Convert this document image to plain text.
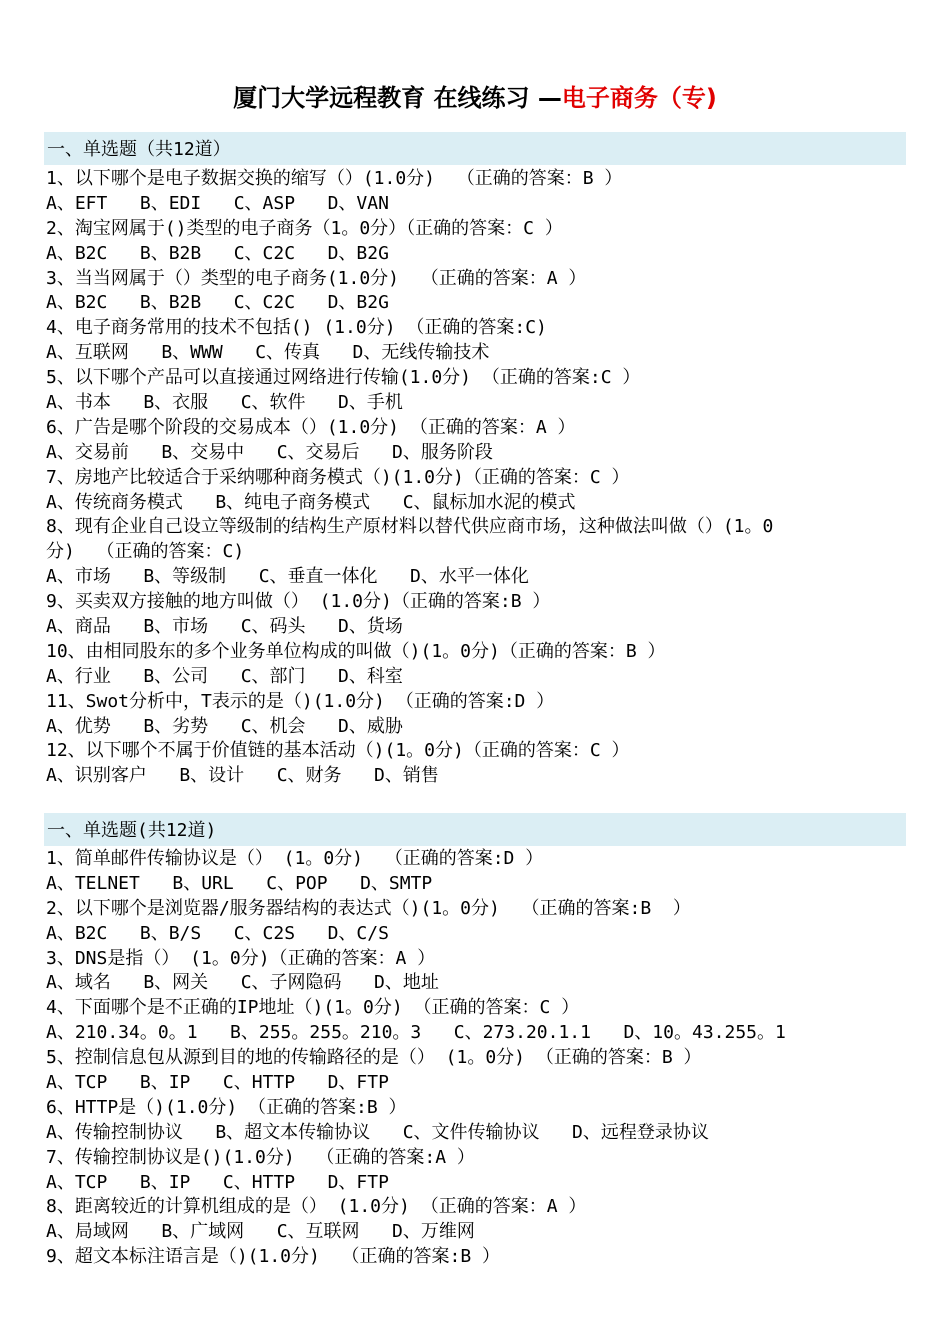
厦门大学远程教育 在线练习 —电子商务（专)
一、单选题（共12道）
1、以下哪个是电子数据交换的缩写（）(1.0分)  （正确的答案：B ）
A、EFT   B、EDI   C、ASP   D、VAN
2、淘宝网属于()类型的电子商务（1。0分）（正确的答案：C ）
A、B2C   B、B2B   C、C2C   D、B2G
3、当当网属于（）类型的电子商务(1.0分)  （正确的答案：A ）
A、B2C   B、B2B   C、C2C   D、B2G
4、电子商务常用的技术不包括() (1.0分) （正确的答案:C)
A、互联网   B、WWW   C、传真   D、无线传输技术
5、以下哪个产品可以直接通过网络进行传输(1.0分) （正确的答案:C ）
A、书本   B、衣服   C、软件   D、手机
6、广告是哪个阶段的交易成本（）(1.0分) （正确的答案：A ）
A、交易前   B、交易中   C、交易后   D、服务阶段
7、房地产比较适合于采纳哪种商务模式（)(1.0分)（正确的答案：C ）
A、传统商务模式   B、纯电子商务模式   C、鼠标加水泥的模式
8、现有企业自己设立等级制的结构生产原材料以替代供应商市场，这种做法叫做（）(1。0
分)  （正确的答案：C)
A、市场   B、等级制   C、垂直一体化   D、水平一体化
9、买卖双方接触的地方叫做（） (1.0分)（正确的答案:B ）
A、商品   B、市场   C、码头   D、货场
10、由相同股东的多个业务单位构成的叫做（)(1。0分)（正确的答案：B ）
A、行业   B、公司   C、部门   D、科室
11、Swot分析中，T表示的是（)(1.0分) （正确的答案:D ）
A、优势   B、劣势   C、机会   D、威胁
12、以下哪个不属于价值链的基本活动（)(1。0分)（正确的答案：C ）
A、识别客户   B、设计   C、财务   D、销售
一、单选题(共12道)
1、简单邮件传输协议是（） (1。0分)  （正确的答案:D ）
A、TELNET   B、URL   C、POP   D、SMTP
2、以下哪个是浏览器/服务器结构的表达式（)(1。0分)  （正确的答案:B  ）
A、B2C   B、B/S   C、C2S   D、C/S
3、DNS是指（） (1。0分)（正确的答案：A ）
A、域名   B、网关   C、子网隐码   D、地址
4、下面哪个是不正确的IP地址（)(1。0分) （正确的答案：C ）
A、210.34。0。1   B、255。255。210。3   C、273.20.1.1   D、10。43.255。1
5、控制信息包从源到目的地的传输路径的是（） (1。0分) （正确的答案：B ）
A、TCP   B、IP   C、HTTP   D、FTP
6、HTTP是（)(1.0分) （正确的答案:B ）
A、传输控制协议   B、超文本传输协议   C、文件传输协议   D、远程登录协议
7、传输控制协议是()(1.0分)  （正确的答案:A ）
A、TCP   B、IP   C、HTTP   D、FTP
8、距离较近的计算机组成的是（） (1.0分) （正确的答案：A ）
A、局域网   B、广域网   C、互联网   D、万维网
9、超文本标注语言是（)(1.0分)  （正确的答案:B ）
